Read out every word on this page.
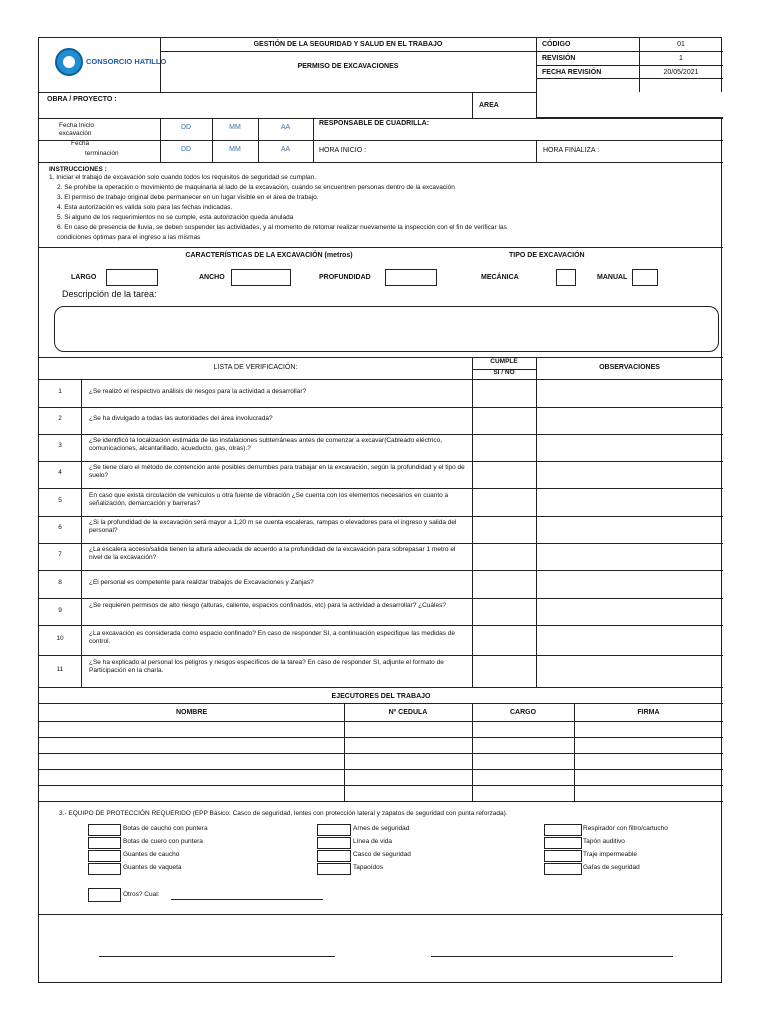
CONSORCIO HATILLO
GESTIÓN DE LA SEGURIDAD Y SALUD EN EL TRABAJO
PERMISO DE EXCAVACIONES
CÓDIGO	01
REVISIÓN	1
FECHA REVISIÓN	20/05/2021
OBRA / PROYECTO :
AREA
Fecha Inicio
excavación
DD	MM	AA
RESPONSABLE DE CUADRILLA:
Fecha
terminación
DD	MM	AA	HORA INICIO :	HORA FINALIZA :
INSTRUCCIONES :
1. Iniciar el trabajo de excavación solo cuando todos los requisitos de seguridad se cumplan.
2. Se prohíbe la operación o movimiento de maquinaria al lado de la excavación, cuando se encuentren personas dentro de la excavación
3. El permiso de trabajo original debe permanecer en un lugar visible en el área de trabajo.
4. Esta autorización es valida solo para las fechas indicadas.
5. Si alguno de los requerimientos no se cumple, esta autorización queda anulada
6. En caso de presencia de lluvia, se deben suspender las actividades, y al momento de retomar realizar nuevamente la inspección con el fin de verificar las
condiciones óptimas para el ingreso a las mismas
CARACTERÍSTICAS DE LA EXCAVACIÓN (metros)	TIPO DE EXCAVACIÓN
LARGO	ANCHO	PROFUNDIDAD	MECÁNICA	MANUAL
Descripción de la tarea:
LISTA DE VERIFICACIÓN:
CUMPLE
SI / NO
OBSERVACIONES
1	¿Se realizó el respectivo análisis de riesgos para la actividad a desarrollar?
2	¿Se ha divulgado a todas las autoridades del área involucrada?
3
¿Se identificó la localización estimada de las instalaciones subterráneas antes de comenzar a excavar(Cableado eléctrico, comunicaciones, alcantarillado, acueducto, gas, otras).?
4
¿Se tiene claro el método de contención ante posibles derrumbes para trabajar en la excavación, según la profundidad y el tipo de suelo?
5
En caso que exista circulación de vehículos u otra fuente de vibración ¿Se cuenta con los elementos necesarios en cuanto a señalización, demarcación y barreras?
6
¿Si la profundidad de la excavación será mayor a 1,20 m se cuenta escaleras, rampas o elevadores para el ingreso y salida del personal?
7
¿La escalera acceso/salida tienen la altura adecuada de acuerdo a la profundidad de la excavación para sobrepasar 1 metro el nivel de la excavación?
8	¿El personal es competente para realizar trabajos de Excavaciones y Zanjas?
9
¿Se requieren permisos de alto riesgo (alturas, caliente, espacios confinados, etc) para la actividad a desarrollar? ¿Cuáles?
10
¿La excavación es considerada como espacio confinado? En caso de responder SI, a continuación especifique las medidas de control.
11
¿Se ha explicado al personal los peligros y riesgos específicos de la tarea? En caso de responder SI, adjunte el formato de Participación en la charla.
EJECUTORES DEL TRABAJO
NOMBRE	Nº CEDULA	CARGO	FIRMA
3.- EQUIPO DE PROTECCIÓN REQUERIDO (EPP Básico: Casco de seguridad, lentes con protección lateral y zapatos de seguridad con punta reforzada).
Botas de caucho con puntera
Botas de cuero con puntera
Guantes de caucho
Guantes de vaqueta
Arnes de seguridad
Línea de vida
Casco de seguridad
Tapaoídos
Respirador con filtro/cartucho
Tapón auditivo
Traje impermeable
Gafas de seguridad
Otros? Cual:
